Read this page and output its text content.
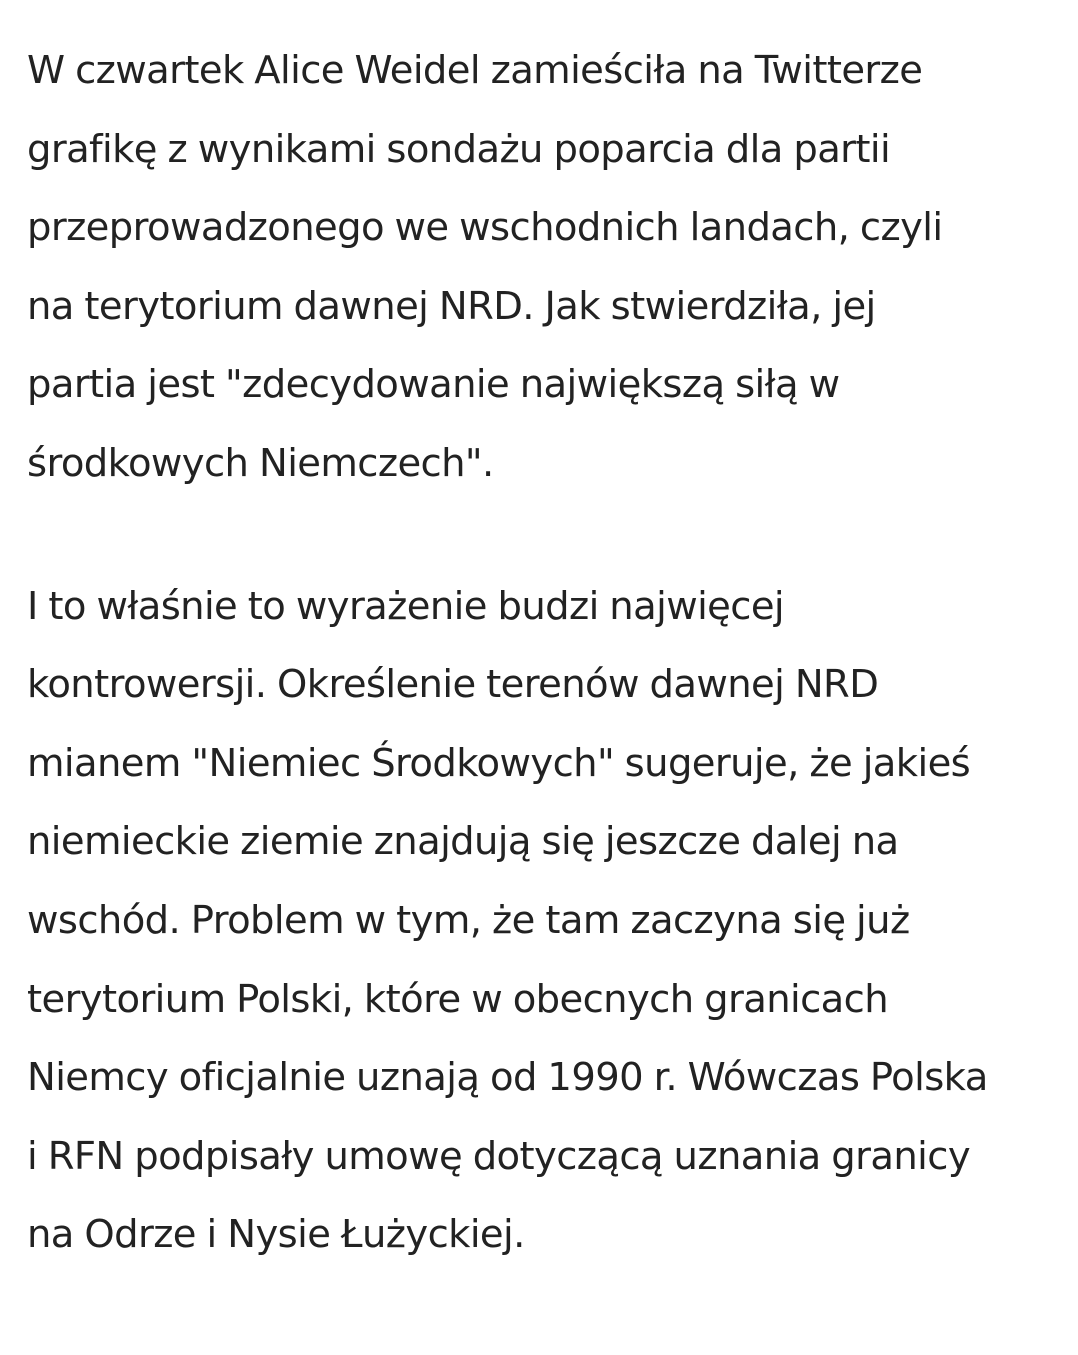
W czwartek Alice Weidel zamieściła na Twitterze
grafikę z wynikami sondażu poparcia dla partii
przeprowadzonego we wschodnich landach, czyli
na terytorium dawnej NRD. Jak stwierdziła, jej
partia jest "zdecydowanie największą siłą w
środkowych Niemczech".
I to właśnie to wyrażenie budzi najwięcej
kontrowersji. Określenie terenów dawnej NRD
mianem "Niemiec Środkowych" sugeruje, że jakieś
niemieckie ziemie znajdują się jeszcze dalej na
wschód. Problem w tym, że tam zaczyna się już
terytorium Polski, które w obecnych granicach
Niemcy oficjalnie uznają od 1990 r. Wówczas Polska
i RFN podpisały umowę dotyczącą uznania granicy
na Odrze i Nysie Łużyckiej.
